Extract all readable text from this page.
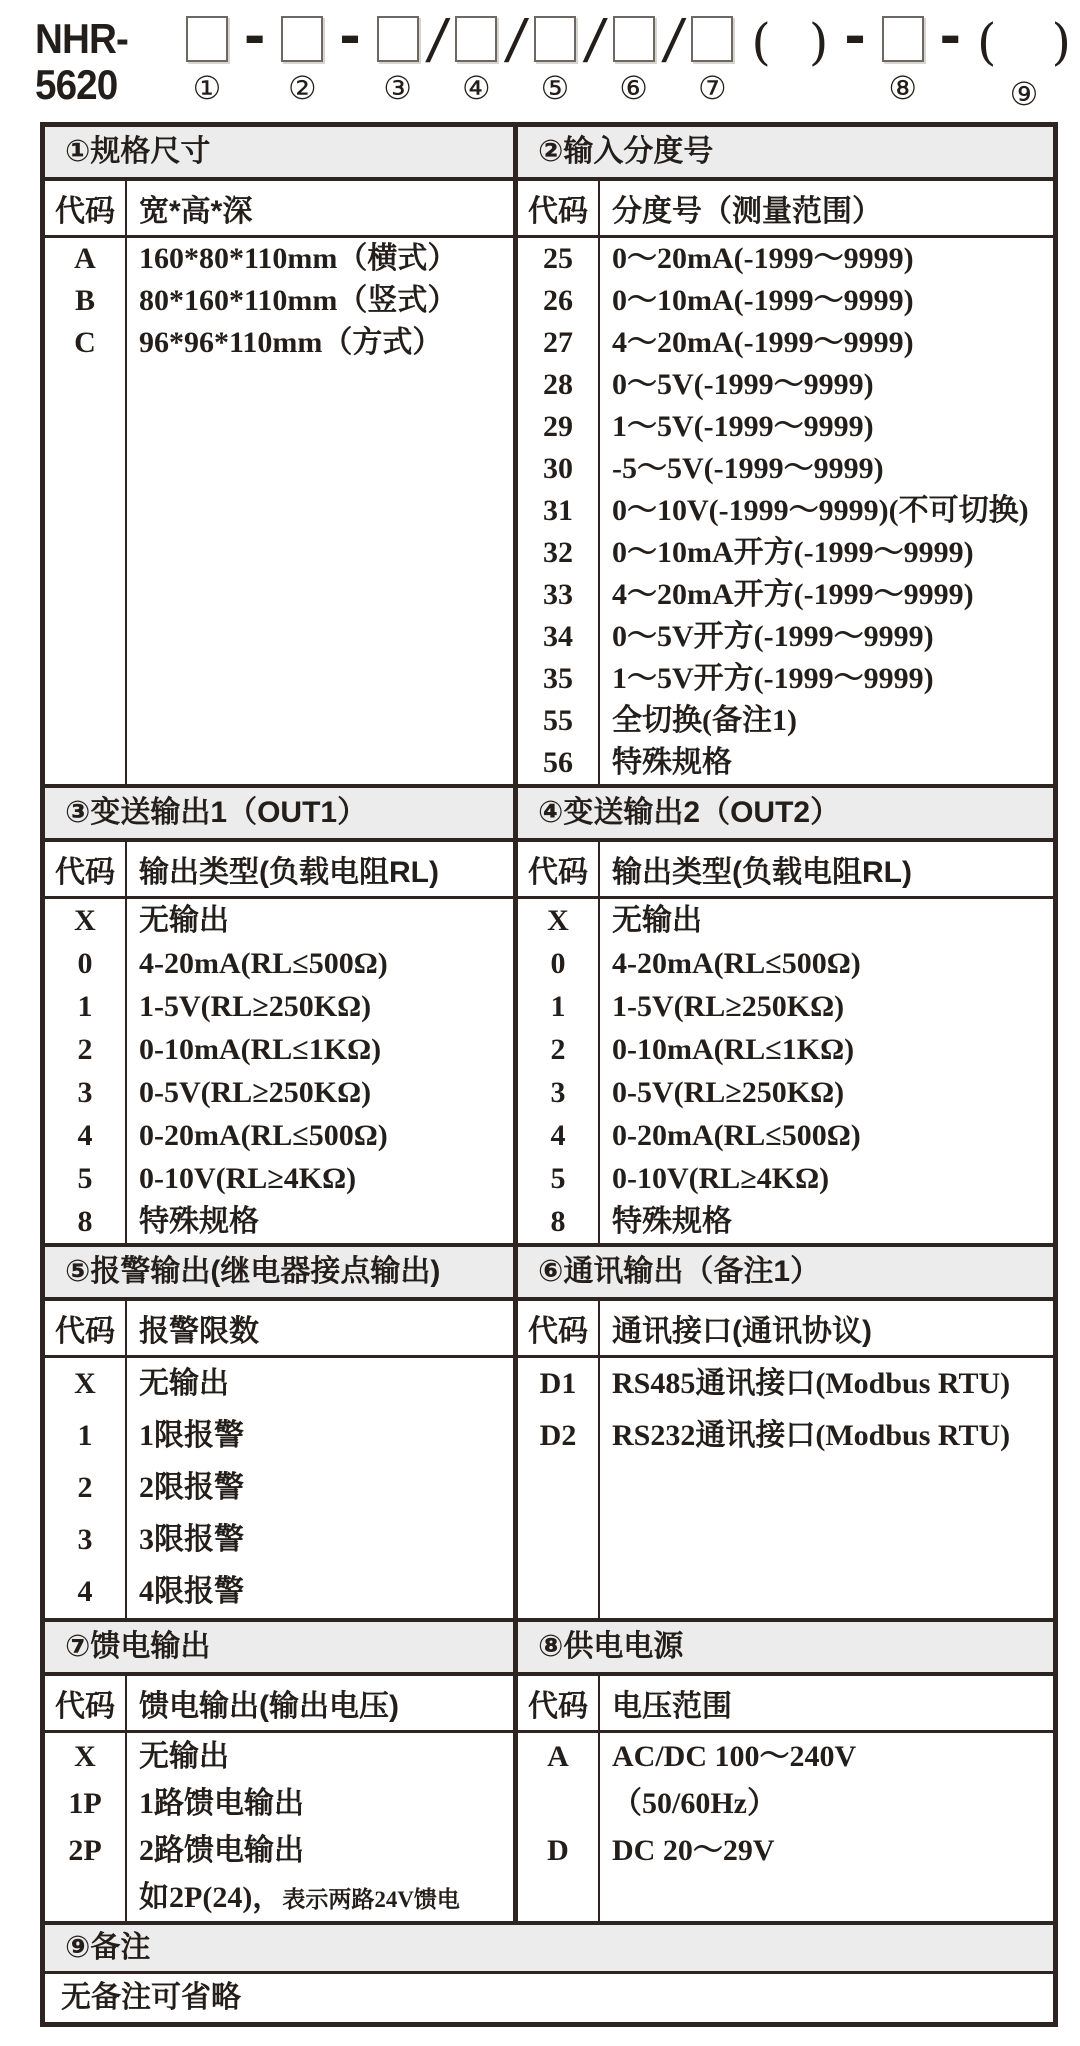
NHR-5620	①
-
②
-
③
/
④
/
⑤
/
⑥
/
⑦
( ) -
⑧
- ( )
⑨
①规格尺寸
代码 宽*高*深
A
B
C
160*80*110mm（横式）
80*160*110mm（竖式）
96*96*110mm（方式）
②输入分度号
代码 分度号（测量范围）
25
26
27
28
29
30
31
32
33
34
35
55
56
0～20mA(-1999～9999)
0～10mA(-1999～9999)
4～20mA(-1999～9999)
0～5V(-1999～9999)
1～5V(-1999～9999)
-5～5V(-1999～9999)
0～10V(-1999～9999)(不可切换)
0～10mA开方(-1999～9999)
4～20mA开方(-1999～9999)
0～5V开方(-1999～9999)
1～5V开方(-1999～9999)
全切换(备注1)
特殊规格
③变送输出1（OUT1）
代码 输出类型(负载电阻RL)
X
0
1
2
3
4
5
8
无输出
4-20mA(RL≤500Ω)
1-5V(RL≥250KΩ)
0-10mA(RL≤1KΩ)
0-5V(RL≥250KΩ)
0-20mA(RL≤500Ω)
0-10V(RL≥4KΩ)
特殊规格
④变送输出2（OUT2）
代码 输出类型(负载电阻RL)
X
0
1
2
3
4
5
8
无输出
4-20mA(RL≤500Ω)
1-5V(RL≥250KΩ)
0-10mA(RL≤1KΩ)
0-5V(RL≥250KΩ)
0-20mA(RL≤500Ω)
0-10V(RL≥4KΩ)
特殊规格
⑤报警输出(继电器接点输出)
代码 报警限数
X
1
2
3
4
无输出
1限报警
2限报警
3限报警
4限报警
⑥通讯输出（备注1）
代码 通讯接口(通讯协议)
D1
D2
RS485通讯接口(Modbus RTU)
RS232通讯接口(Modbus RTU)
⑦馈电输出
代码 馈电输出(输出电压)
X
1P
2P
无输出
1路馈电输出
2路馈电输出
如2P(24)，表示两路24V馈电
⑧供电电源
代码 电压范围
A
D
AC/DC 100～240V
（50/60Hz）
DC 20～29V
⑨备注
无备注可省略
